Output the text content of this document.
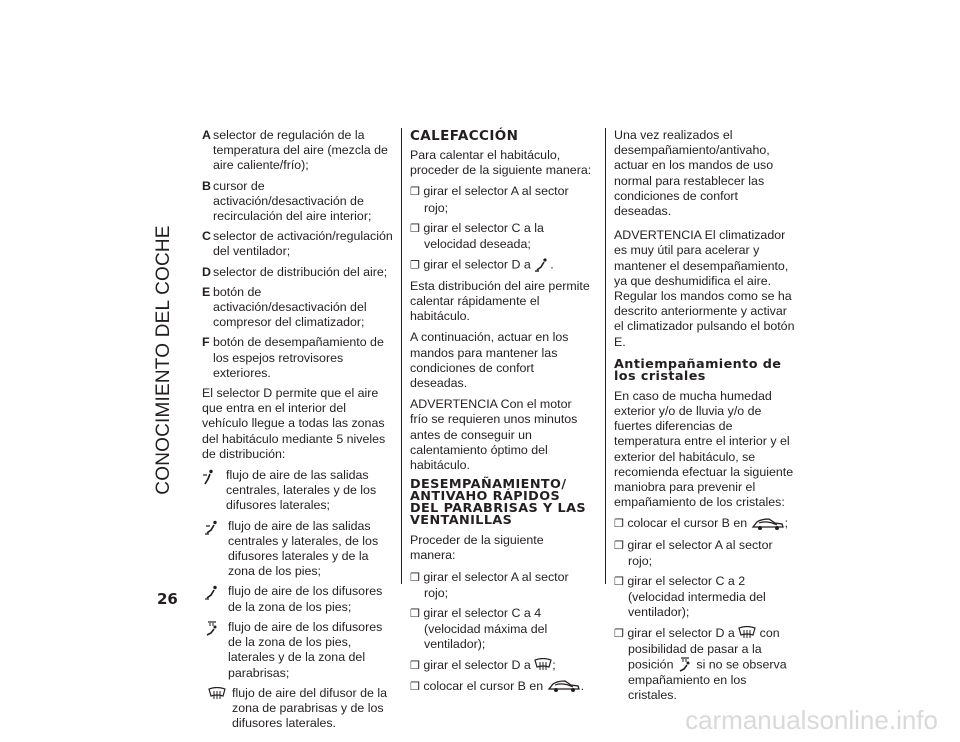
CONOCIMIENTO DEL COCHE
26
A selector de regulación de la temperatura del aire (mezcla de aire caliente/frío);
B cursor de activación/desactivación de recirculación del aire interior;
C selector de activación/regulación del ventilador;
D selector de distribución del aire;
E botón de activación/desactivación del compresor del climatizador;
F botón de desempañamiento de los espejos retrovisores exteriores.

El selector D permite que el aire que entra en el interior del vehículo llegue a todas las zonas del habitáculo mediante 5 niveles de distribución:

flujo de aire de las salidas centrales, laterales y de los difusores laterales;
flujo de aire de las salidas centrales y laterales, de los difusores laterales y de la zona de los pies;
flujo de aire de los difusores de la zona de los pies;
flujo de aire de los difusores de la zona de los pies, laterales y de la zona del parabrisas;
flujo de aire del difusor de la zona de parabrisas y de los difusores laterales.
CALEFACCIÓN

Para calentar el habitáculo, proceder de la siguiente manera:

❒ girar el selector A al sector rojo;
❒ girar el selector C a la velocidad deseada;
❒ girar el selector D a .

Esta distribución del aire permite calentar rápidamente el habitáculo.

A continuación, actuar en los mandos para mantener las condiciones de confort deseadas.

ADVERTENCIA Con el motor frío se requieren unos minutos antes de conseguir un calentamiento óptimo del habitáculo.

DESEMPAÑAMIENTO/ ANTIVAHO RÁPIDOS DEL PARABRISAS Y LAS VENTANILLAS

Proceder de la siguiente manera:

❒ girar el selector A al sector rojo;
❒ girar el selector C a 4 (velocidad máxima del ventilador);
❒ girar el selector D a ;
❒ colocar el cursor B en	.

Una vez realizados el desempañamiento/antivaho, actuar en los mandos de uso normal para restablecer las condiciones de confort deseadas.

ADVERTENCIA El climatizador es muy útil para acelerar y mantener el desempañamiento, ya que deshumidifica el aire. Regular los mandos como se ha descrito anteriormente y activar el climatizador pulsando el botón E.

Antiempañamiento de los cristales

En caso de mucha humedad exterior y/o de lluvia y/o de fuertes diferencias de temperatura entre el interior y el exterior del habitáculo, se recomienda efectuar la siguiente maniobra para prevenir el empañamiento de los cristales:

❒ colocar el cursor B en	;
❒ girar el selector A al sector rojo;
❒ girar el selector C a 2 (velocidad intermedia del ventilador);
❒ girar el selector D a con posibilidad de pasar a la posición si no se observa empañamiento en los cristales.
carmanualsonline.info
